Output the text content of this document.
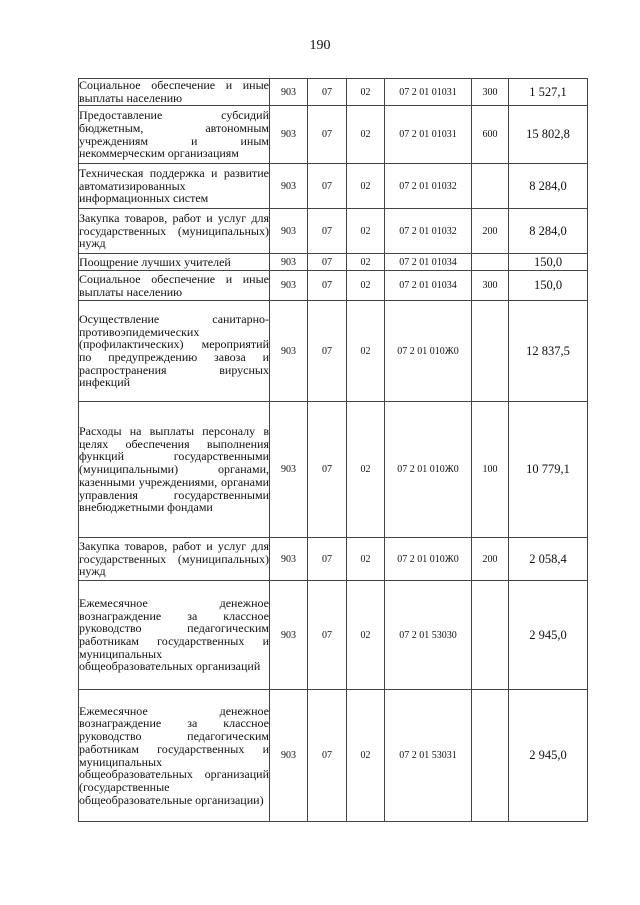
190
Социальное обеспечение и иные выплаты населению	903	07	02	07 2 01 01031	300	1 527,1
Предоставление субсидий бюджетным, автономным учреждениям и иным некоммерческим организациям	903	07	02	07 2 01 01031	600	15 802,8
Техническая поддержка и развитие автоматизированных информационных систем	903	07	02	07 2 01 01032		8 284,0
Закупка товаров, работ и услуг для государственных (муниципальных) нужд	903	07	02	07 2 01 01032	200	8 284,0
Поощрение лучших учителей	903	07	02	07 2 01 01034		150,0
Социальное обеспечение и иные выплаты населению	903	07	02	07 2 01 01034	300	150,0
Осуществление санитарно-противоэпидемических (профилактических) мероприятий по предупреждению завоза и распространения вирусных инфекций	903	07	02	07 2 01 010Ж0		12 837,5
Расходы на выплаты персоналу в целях обеспечения выполнения функций государственными (муниципальными) органами, казенными учреждениями, органами управления государственными внебюджетными фондами	903	07	02	07 2 01 010Ж0	100	10 779,1
Закупка товаров, работ и услуг для государственных (муниципальных) нужд	903	07	02	07 2 01 010Ж0	200	2 058,4
Ежемесячное денежное вознаграждение за классное руководство педагогическим работникам государственных и муниципальных общеобразовательных организаций	903	07	02	07 2 01 53030		2 945,0
Ежемесячное денежное вознаграждение за классное руководство педагогическим работникам государственных и муниципальных общеобразовательных организаций (государственные общеобразовательные организации)	903	07	02	07 2 01 53031		2 945,0
